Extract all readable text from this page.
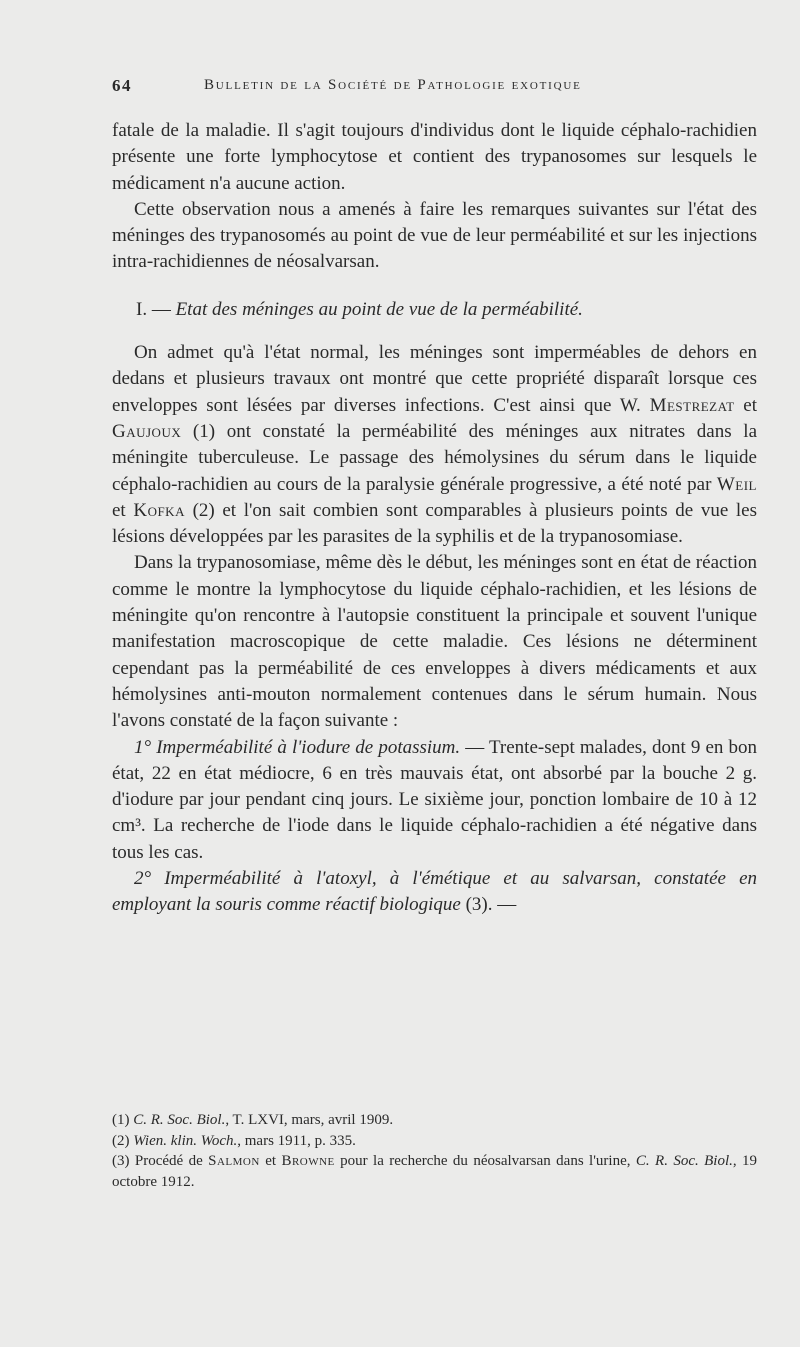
64	Bulletin de la Société de Pathologie exotique

fatale de la maladie. Il s'agit toujours d'individus dont le liquide céphalo-rachidien présente une forte lymphocytose et contient des trypanosomes sur lesquels le médicament n'a aucune action.

Cette observation nous a amenés à faire les remarques suivantes sur l'état des méninges des trypanosomés au point de vue de leur perméabilité et sur les injections intra-rachidiennes de néosalvarsan.

I. — Etat des méninges au point de vue de la perméabilité.

On admet qu'à l'état normal, les méninges sont imperméables de dehors en dedans et plusieurs travaux ont montré que cette propriété disparaît lorsque ces enveloppes sont lésées par diverses infections. C'est ainsi que W. Mestrezat et Gaujoux (1) ont constaté la perméabilité des méninges aux nitrates dans la méningite tuberculeuse. Le passage des hémolysines du sérum dans le liquide céphalo-rachidien au cours de la paralysie générale progressive, a été noté par Weil et Kofka (2) et l'on sait combien sont comparables à plusieurs points de vue les lésions développées par les parasites de la syphilis et de la trypanosomiase.

Dans la trypanosomiase, même dès le début, les méninges sont en état de réaction comme le montre la lymphocytose du liquide céphalo-rachidien, et les lésions de méningite qu'on rencontre à l'autopsie constituent la principale et souvent l'unique manifestation macroscopique de cette maladie. Ces lésions ne déterminent cependant pas la perméabilité de ces enveloppes à divers médicaments et aux hémolysines anti-mouton normalement contenues dans le sérum humain. Nous l'avons constaté de la façon suivante :

1° Imperméabilité à l'iodure de potassium. — Trente-sept malades, dont 9 en bon état, 22 en état médiocre, 6 en très mauvais état, ont absorbé par la bouche 2 g. d'iodure par jour pendant cinq jours. Le sixième jour, ponction lombaire de 10 à 12 cm³. La recherche de l'iode dans le liquide céphalo-rachidien a été négative dans tous les cas.

2° Imperméabilité à l'atoxyl, à l'émétique et au salvarsan, constatée en employant la souris comme réactif biologique (3). —

(1) C. R. Soc. Biol., T. LXVI, mars, avril 1909.

(2) Wien. klin. Woch., mars 1911, p. 335.

(3) Procédé de Salmon et Browne pour la recherche du néosalvarsan dans l'urine, C. R. Soc. Biol., 19 octobre 1912.
